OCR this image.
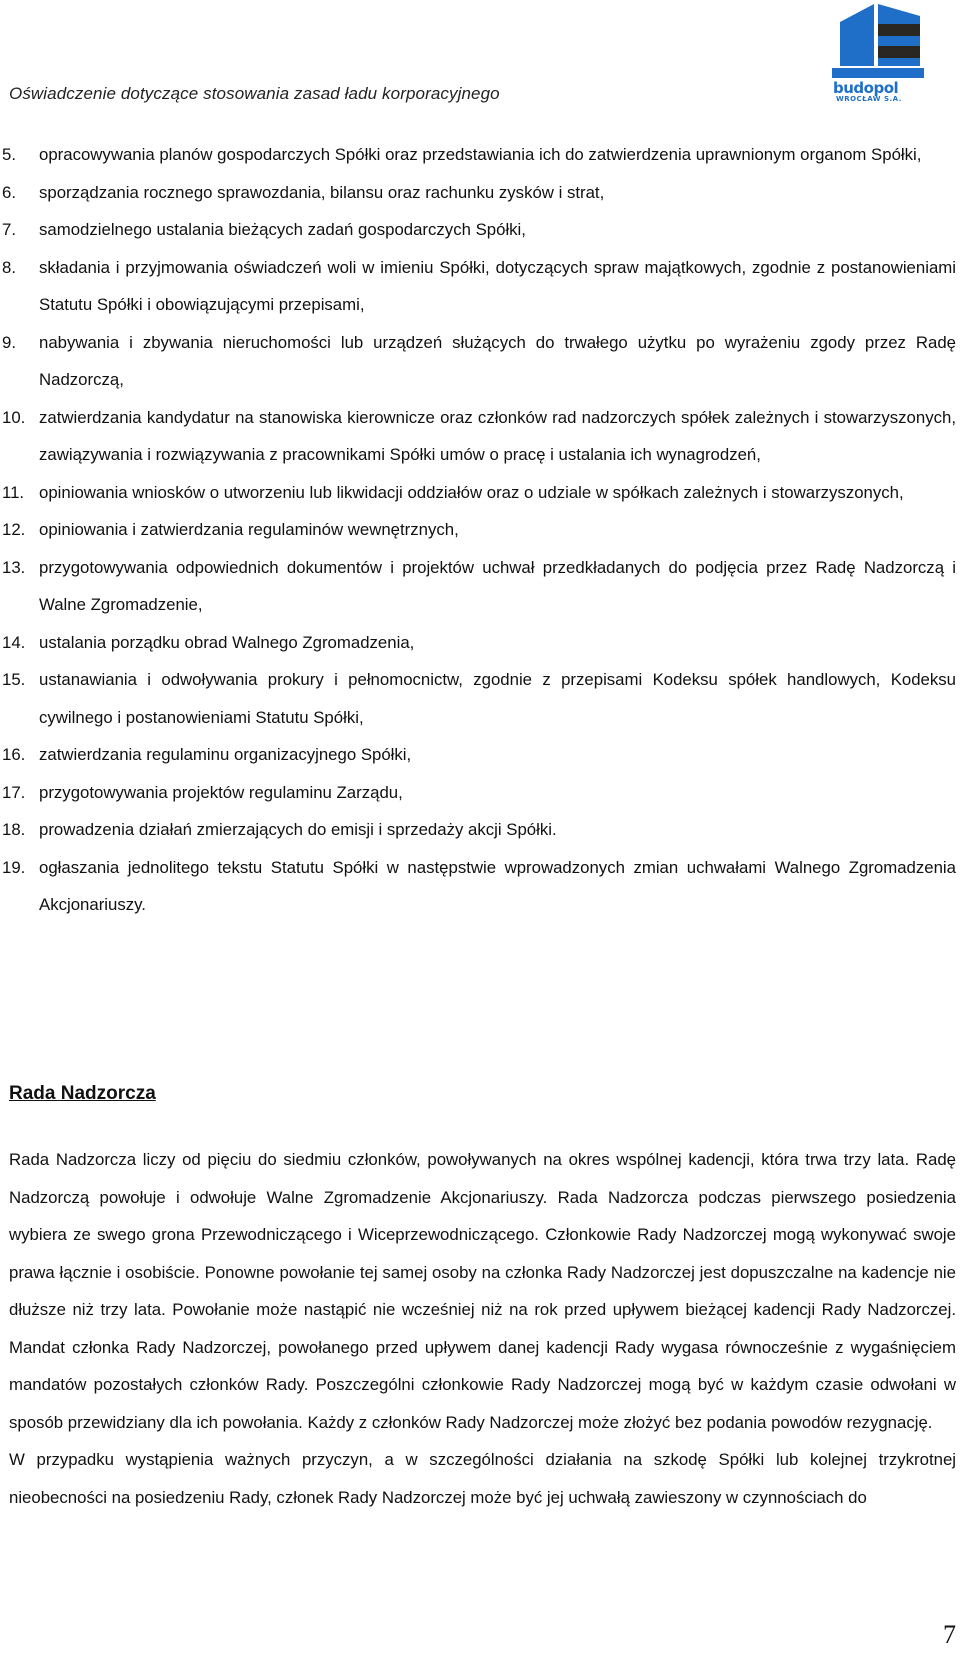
Oświadczenie dotyczące stosowania zasad ładu korporacyjnego	budopol
WROCŁAW S.A.
5. opracowywania planów gospodarczych Spółki oraz przedstawiania ich do zatwierdzenia uprawnionym organom Spółki,
6. sporządzania rocznego sprawozdania, bilansu oraz rachunku zysków i strat,
7. samodzielnego ustalania bieżących zadań gospodarczych Spółki,
8. składania i przyjmowania oświadczeń woli w imieniu Spółki, dotyczących spraw majątkowych, zgodnie z postanowieniami Statutu Spółki i obowiązującymi przepisami,
9. nabywania i zbywania nieruchomości lub urządzeń służących do trwałego użytku po wyrażeniu zgody przez Radę Nadzorczą,
10. zatwierdzania kandydatur na stanowiska kierownicze oraz członków rad nadzorczych spółek zależnych i stowarzyszonych, zawiązywania i rozwiązywania z pracownikami Spółki umów o pracę i ustalania ich wynagrodzeń,
11. opiniowania wniosków o utworzeniu lub likwidacji oddziałów oraz o udziale w spółkach zależnych i stowarzyszonych,
12. opiniowania i zatwierdzania regulaminów wewnętrznych,
13. przygotowywania odpowiednich dokumentów i projektów uchwał przedkładanych do podjęcia przez Radę Nadzorczą i Walne Zgromadzenie,
14. ustalania porządku obrad Walnego Zgromadzenia,
15. ustanawiania i odwoływania prokury i pełnomocnictw, zgodnie z przepisami Kodeksu spółek handlowych, Kodeksu cywilnego i postanowieniami Statutu Spółki,
16. zatwierdzania regulaminu organizacyjnego Spółki,
17. przygotowywania projektów regulaminu Zarządu,
18. prowadzenia działań zmierzających do emisji i sprzedaży akcji Spółki.
19. ogłaszania jednolitego tekstu Statutu Spółki w następstwie wprowadzonych zmian uchwałami Walnego Zgromadzenia Akcjonariuszy.
Rada Nadzorcza

Rada Nadzorcza liczy od pięciu do siedmiu członków, powoływanych na okres wspólnej kadencji, która trwa trzy lata. Radę Nadzorczą powołuje i odwołuje Walne Zgromadzenie Akcjonariuszy. Rada Nadzorcza podczas pierwszego posiedzenia wybiera ze swego grona Przewodniczącego i Wiceprzewodniczącego. Członkowie Rady Nadzorczej mogą wykonywać swoje prawa łącznie i osobiście. Ponowne powołanie tej samej osoby na członka Rady Nadzorczej jest dopuszczalne na kadencje nie dłuższe niż trzy lata. Powołanie może nastąpić nie wcześniej niż na rok przed upływem bieżącej kadencji Rady Nadzorczej. Mandat członka Rady Nadzorczej, powołanego przed upływem danej kadencji Rady wygasa równocześnie z wygaśnięciem mandatów pozostałych członków Rady. Poszczególni członkowie Rady Nadzorczej mogą być w każdym czasie odwołani w sposób przewidziany dla ich powołania. Każdy z członków Rady Nadzorczej może złożyć bez podania powodów rezygnację.

W przypadku wystąpienia ważnych przyczyn, a w szczególności działania na szkodę Spółki lub kolejnej trzykrotnej nieobecności na posiedzeniu Rady, członek Rady Nadzorczej może być jej uchwałą zawieszony w czynnościach do

7
